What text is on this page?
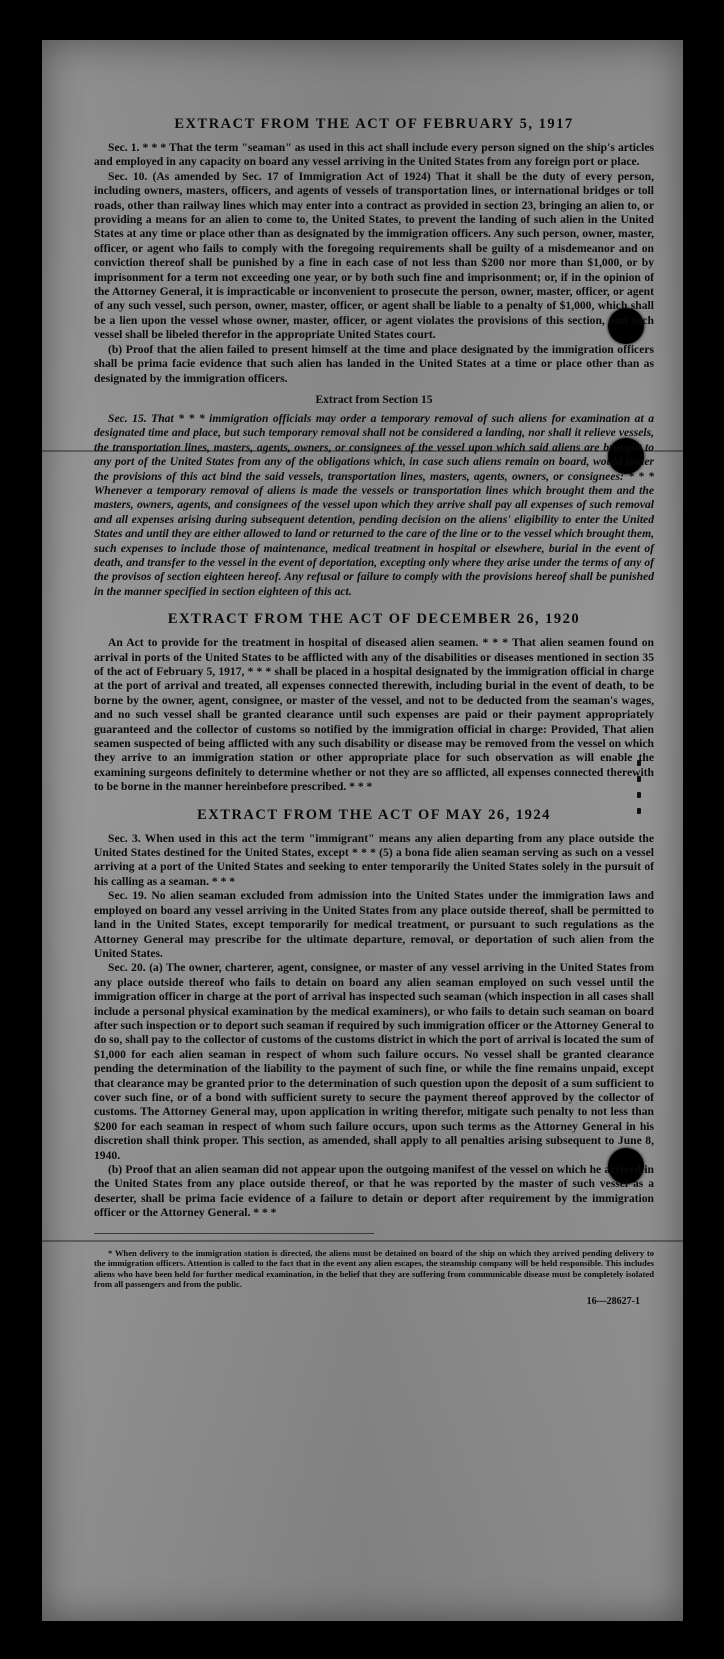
EXTRACT FROM THE ACT OF FEBRUARY 5, 1917

Sec. 1. * * * That the term "seaman" as used in this act shall include every person signed on the ship's articles and employed in any capacity on board any vessel arriving in the United States from any foreign port or place.

Sec. 10. (As amended by Sec. 17 of Immigration Act of 1924) That it shall be the duty of every person, including owners, masters, officers, and agents of vessels of transportation lines, or international bridges or toll roads, other than railway lines which may enter into a contract as provided in section 23, bringing an alien to, or providing a means for an alien to come to, the United States, to prevent the landing of such alien in the United States at any time or place other than as designated by the immigration officers. Any such person, owner, master, officer, or agent who fails to comply with the foregoing requirements shall be guilty of a misdemeanor and on conviction thereof shall be punished by a fine in each case of not less than $200 nor more than $1,000, or by imprisonment for a term not exceeding one year, or by both such fine and imprisonment; or, if in the opinion of the Attorney General, it is impracticable or inconvenient to prosecute the person, owner, master, officer, or agent of any such vessel, such person, owner, master, officer, or agent shall be liable to a penalty of $1,000, which shall be a lien upon the vessel whose owner, master, officer, or agent violates the provisions of this section, and such vessel shall be libeled therefor in the appropriate United States court.

(b) Proof that the alien failed to present himself at the time and place designated by the immigration officers shall be prima facie evidence that such alien has landed in the United States at a time or place other than as designated by the immigration officers.

Extract from Section 15

Sec. 15. That * * * immigration officials may order a temporary removal of such aliens for examination at a designated time and place, but such temporary removal shall not be considered a landing, nor shall it relieve vessels, the transportation lines, masters, agents, owners, or consignees of the vessel upon which said aliens are brought to any port of the United States from any of the obligations which, in case such aliens remain on board, would under the provisions of this act bind the said vessels, transportation lines, masters, agents, owners, or consignees: * * * Whenever a temporary removal of aliens is made the vessels or transportation lines which brought them and the masters, owners, agents, and consignees of the vessel upon which they arrive shall pay all expenses of such removal and all expenses arising during subsequent detention, pending decision on the aliens' eligibility to enter the United States and until they are either allowed to land or returned to the care of the line or to the vessel which brought them, such expenses to include those of maintenance, medical treatment in hospital or elsewhere, burial in the event of death, and transfer to the vessel in the event of deportation, excepting only where they arise under the terms of any of the provisos of section eighteen hereof. Any refusal or failure to comply with the provisions hereof shall be punished in the manner specified in section eighteen of this act.

EXTRACT FROM THE ACT OF DECEMBER 26, 1920

An Act to provide for the treatment in hospital of diseased alien seamen. * * * That alien seamen found on arrival in ports of the United States to be afflicted with any of the disabilities or diseases mentioned in section 35 of the act of February 5, 1917, * * * shall be placed in a hospital designated by the immigration official in charge at the port of arrival and treated, all expenses connected therewith, including burial in the event of death, to be borne by the owner, agent, consignee, or master of the vessel, and not to be deducted from the seaman's wages, and no such vessel shall be granted clearance until such expenses are paid or their payment appropriately guaranteed and the collector of customs so notified by the immigration official in charge: Provided, That alien seamen suspected of being afflicted with any such disability or disease may be removed from the vessel on which they arrive to an immigration station or other appropriate place for such observation as will enable the examining surgeons definitely to determine whether or not they are so afflicted, all expenses connected therewith to be borne in the manner hereinbefore prescribed. * * *

EXTRACT FROM THE ACT OF MAY 26, 1924

Sec. 3. When used in this act the term "immigrant" means any alien departing from any place outside the United States destined for the United States, except * * * (5) a bona fide alien seaman serving as such on a vessel arriving at a port of the United States and seeking to enter temporarily the United States solely in the pursuit of his calling as a seaman. * * *

Sec. 19. No alien seaman excluded from admission into the United States under the immigration laws and employed on board any vessel arriving in the United States from any place outside thereof, shall be permitted to land in the United States, except temporarily for medical treatment, or pursuant to such regulations as the Attorney General may prescribe for the ultimate departure, removal, or deportation of such alien from the United States.

Sec. 20. (a) The owner, charterer, agent, consignee, or master of any vessel arriving in the United States from any place outside thereof who fails to detain on board any alien seaman employed on such vessel until the immigration officer in charge at the port of arrival has inspected such seaman (which inspection in all cases shall include a personal physical examination by the medical examiners), or who fails to detain such seaman on board after such inspection or to deport such seaman if required by such immigration officer or the Attorney General to do so, shall pay to the collector of customs of the customs district in which the port of arrival is located the sum of $1,000 for each alien seaman in respect of whom such failure occurs. No vessel shall be granted clearance pending the determination of the liability to the payment of such fine, or while the fine remains unpaid, except that clearance may be granted prior to the determination of such question upon the deposit of a sum sufficient to cover such fine, or of a bond with sufficient surety to secure the payment thereof approved by the collector of customs. The Attorney General may, upon application in writing therefor, mitigate such penalty to not less than $200 for each seaman in respect of whom such failure occurs, upon such terms as the Attorney General in his discretion shall think proper. This section, as amended, shall apply to all penalties arising subsequent to June 8, 1940.

(b) Proof that an alien seaman did not appear upon the outgoing manifest of the vessel on which he arrived in the United States from any place outside thereof, or that he was reported by the master of such vessel as a deserter, shall be prima facie evidence of a failure to detain or deport after requirement by the immigration officer or the Attorney General. * * *

* When delivery to the immigration station is directed, the aliens must be detained on board of the ship on which they arrived pending delivery to the immigration officers. Attention is called to the fact that in the event any alien escapes, the steamship company will be held responsible. This includes aliens who have been held for further medical examination, in the belief that they are suffering from communicable disease must be completely isolated from all passengers and from the public.

16—28627-1
